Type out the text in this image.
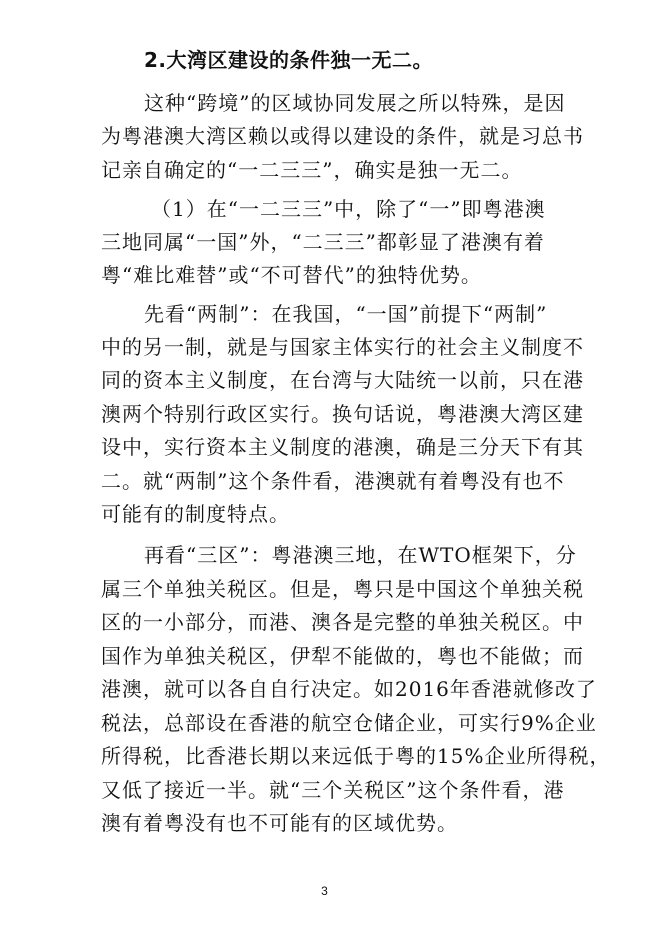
2.大湾区建设的条件独一无二。
这种“跨境”的区域协同发展之所以特殊，是因
为粤港澳大湾区赖以或得以建设的条件，就是习总书
记亲自确定的“一二三三”，确实是独一无二。
（1）在“一二三三”中，除了“一”即粤港澳
三地同属“一国”外，“二三三”都彰显了港澳有着
粤“难比难替”或“不可替代”的独特优势。
先看“两制”：在我国，“一国”前提下“两制”
中的另一制，就是与国家主体实行的社会主义制度不
同的资本主义制度，在台湾与大陆统一以前，只在港
澳两个特别行政区实行。换句话说，粤港澳大湾区建
设中，实行资本主义制度的港澳，确是三分天下有其
二。就“两制”这个条件看，港澳就有着粤没有也不
可能有的制度特点。
再看“三区”：粤港澳三地，在WTO框架下，分
属三个单独关税区。但是，粤只是中国这个单独关税
区的一小部分，而港、澳各是完整的单独关税区。中
国作为单独关税区，伊犁不能做的，粤也不能做；而
港澳，就可以各自自行决定。如2016年香港就修改了
税法，总部设在香港的航空仓储企业，可实行9%企业
所得税，比香港长期以来远低于粤的15%企业所得税，
又低了接近一半。就“三个关税区”这个条件看，港
澳有着粤没有也不可能有的区域优势。
3
